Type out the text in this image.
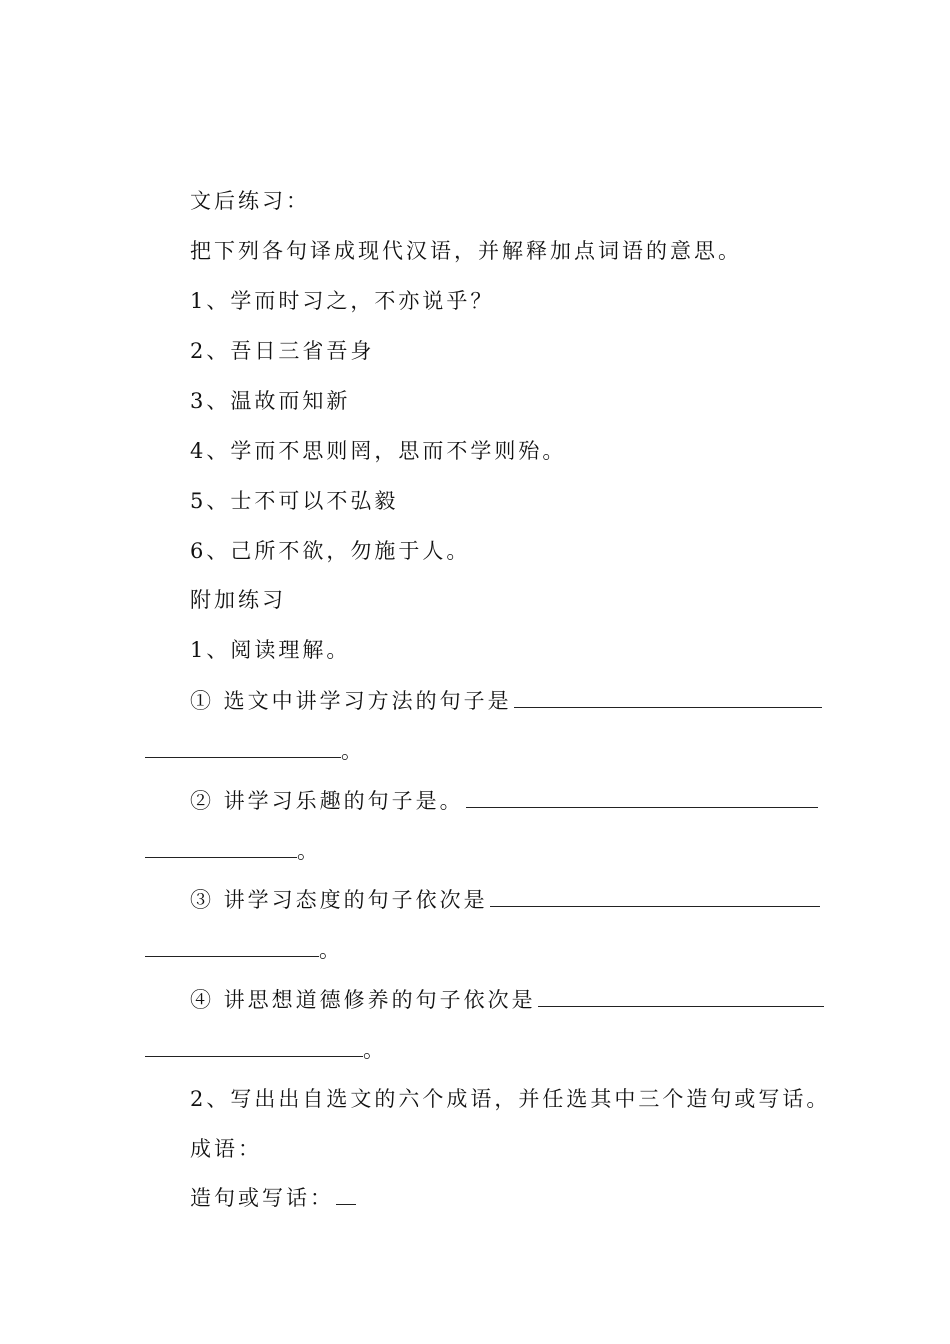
文后练习：
把下列各句译成现代汉语，并解释加点词语的意思。
1、学而时习之，不亦说乎？
2、吾日三省吾身
3、温故而知新
4、学而不思则罔，思而不学则殆。
5、士不可以不弘毅
6、己所不欲，勿施于人。
附加练习
1、阅读理解。
① 选文中讲学习方法的句子是
。
② 讲学习乐趣的句子是。
。
③ 讲学习态度的句子依次是
。
④ 讲思想道德修养的句子依次是
。
2、写出出自选文的六个成语，并任选其中三个造句或写话。
成语：
造句或写话：
